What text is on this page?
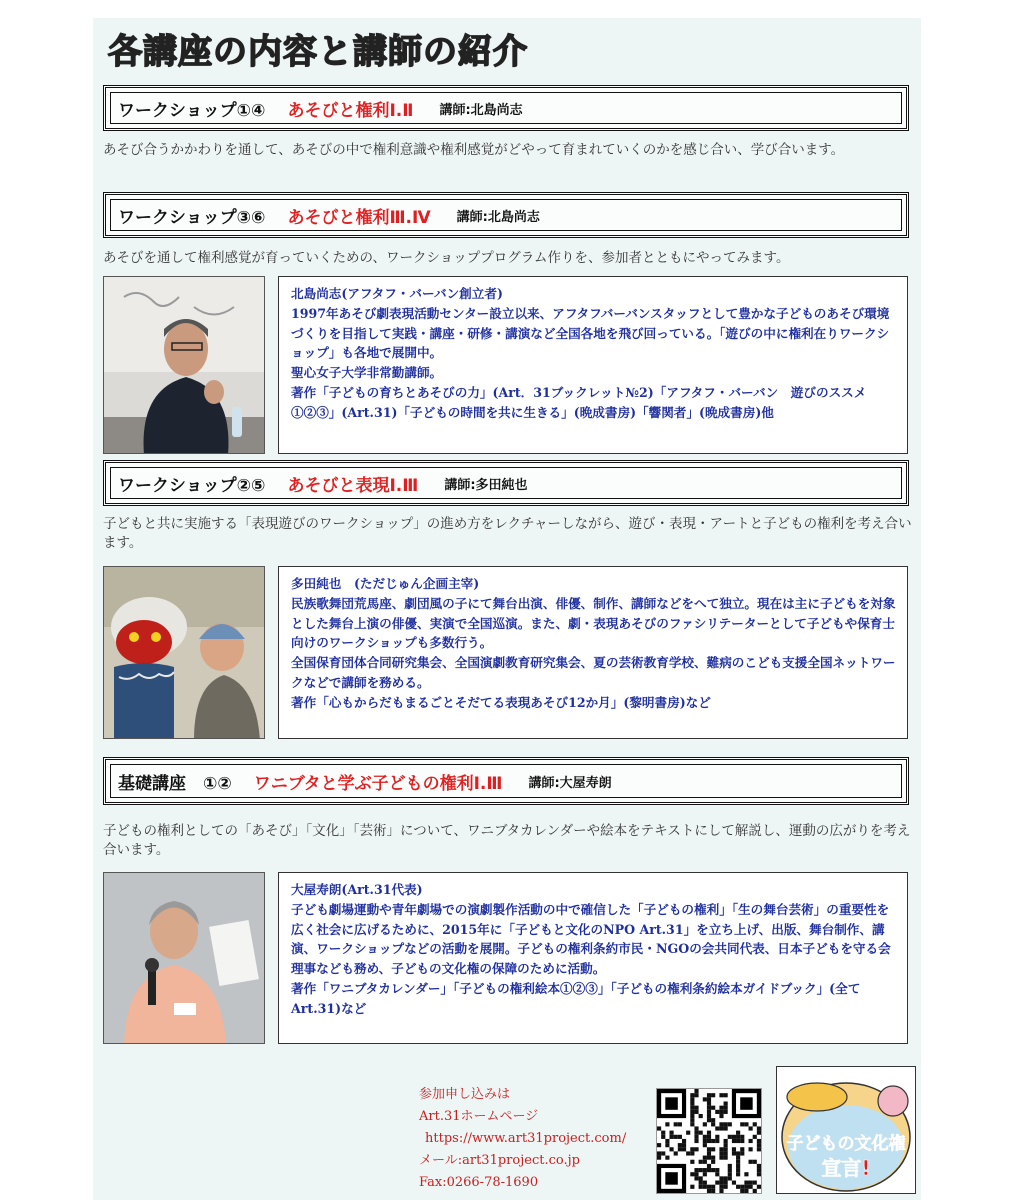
各講座の内容と講師の紹介
ワークショップ①④ あそびと権利Ⅰ.Ⅱ 講師:北島尚志
あそび合うかかわりを通して、あそびの中で権利意識や権利感覚がどやって育まれていくのかを感じ合い、学び合います。
ワークショップ③⑥ あそびと権利Ⅲ.Ⅳ 講師:北島尚志
あそびを通して権利感覚が育っていくための、ワークショッププログラム作りを、参加者とともにやってみます。
北島尚志(アフタフ・バーバン創立者)

1997年あそび劇表現活動センター設立以来、アフタフバーバンスタッフとして豊かな子どものあそび環境づくりを目指して実践・講座・研修・講演など全国各地を飛び回っている。「遊びの中に権利在りワークショップ」も各地で展開中。

聖心女子大学非常勤講師。

著作「子どもの育ちとあそびの力」(Art．31ブックレット№2)「アフタフ・バーバン　遊びのススメ①②③」(Art.31)「子どもの時間を共に生きる」(晩成書房)「響関者」(晩成書房)他

ワークショップ②⑤ あそびと表現Ⅰ.Ⅲ 講師:多田純也
子どもと共に実施する「表現遊びのワークショップ」の進め方をレクチャーしながら、遊び・表現・アートと子どもの権利を考え合います。
多田純也　(ただじゅん企画主宰)

民族歌舞団荒馬座、劇団風の子にて舞台出演、俳優、制作、講師などをへて独立。現在は主に子どもを対象とした舞台上演の俳優、実演で全国巡演。また、劇・表現あそびのファシリテーターとして子どもや保育士向けのワークショップも多数行う。

全国保育団体合同研究集会、全国演劇教育研究集会、夏の芸術教育学校、難病のこども支援全国ネットワークなどで講師を務める。

著作「心もからだもまるごとそだてる表現あそび12か月」(黎明書房)など

基礎講座　①② ワニブタと学ぶ子どもの権利Ⅰ.Ⅲ 講師:大屋寿朗
子どもの権利としての「あそび」「文化」「芸術」について、ワニブタカレンダーや絵本をテキストにして解説し、運動の広がりを考え合います。
大屋寿朗(Art.31代表)

子ども劇場運動や青年劇場での演劇製作活動の中で確信した「子どもの権利」「生の舞台芸術」の重要性を広く社会に広げるために、2015年に「子どもと文化のNPO Art.31」を立ち上げ、出版、舞台制作、講演、ワークショップなどの活動を展開。子どもの権利条約市民・NGOの会共同代表、日本子どもを守る会理事なども務め、子どもの文化権の保障のために活動。

著作「ワニブタカレンダー」「子どもの権利絵本①②③」「子どもの権利条約絵本ガイドブック」(全てArt.31)など

参加申し込みは
Art.31ホームページ
https://www.art31project.com/
メール:art31project.co.jp
Fax:0266-78-1690
子どもの文化権
宣言!
